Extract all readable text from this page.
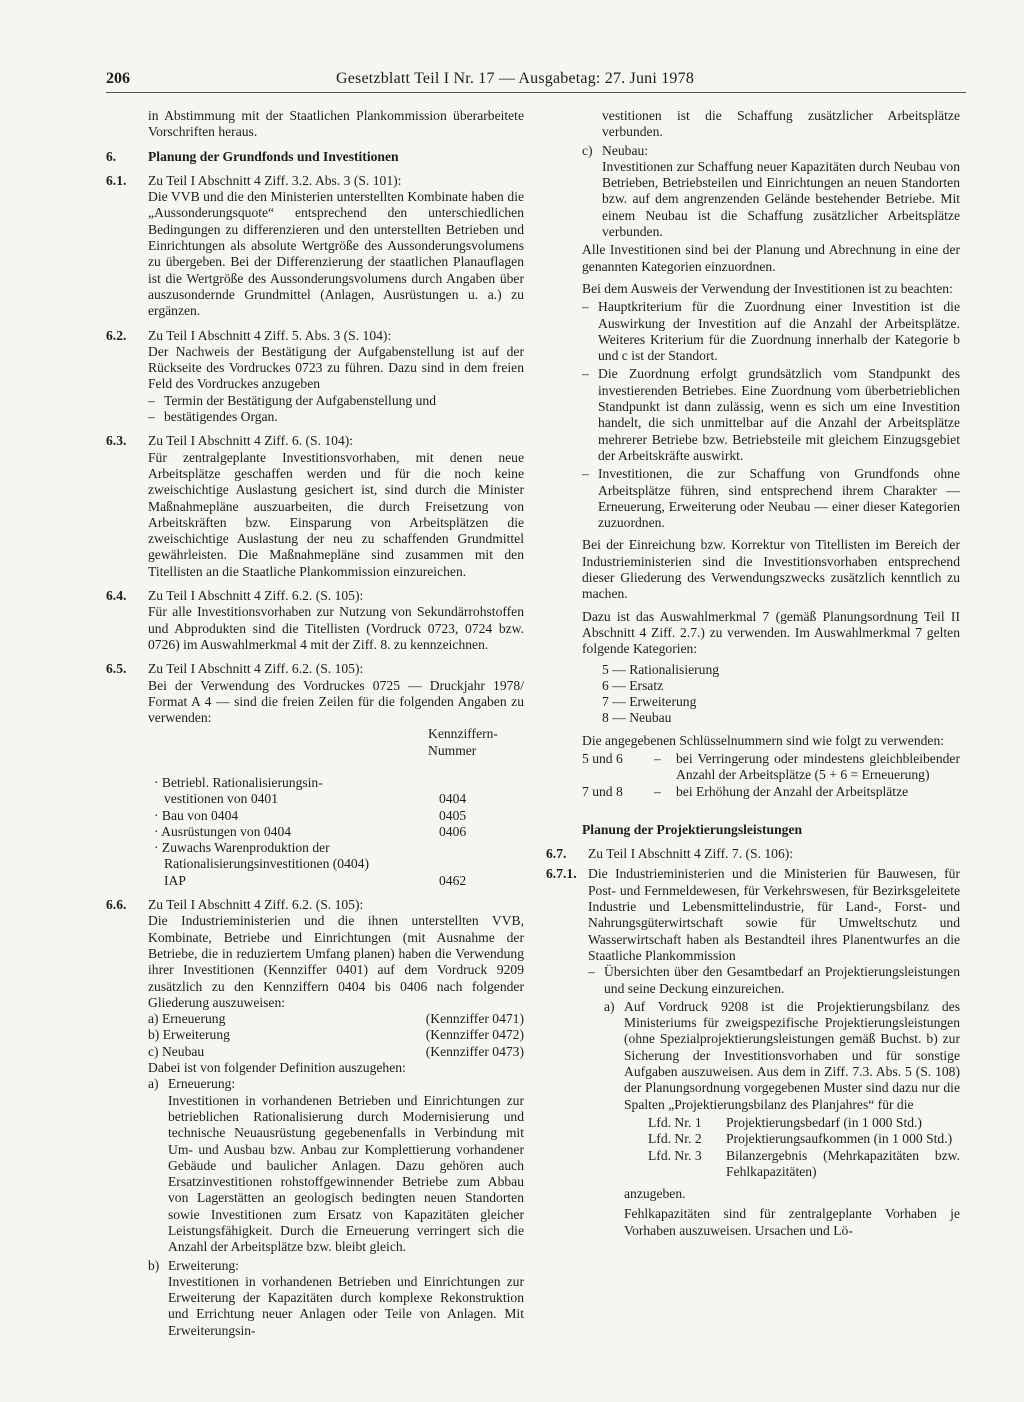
206	Gesetzblatt Teil I Nr. 17 — Ausgabetag: 27. Juni 1978

in Abstimmung mit der Staatlichen Plankommission überarbeitete Vorschriften heraus.

6. Planung der Grundfonds und Investitionen
6.1. Zu Teil I Abschnitt 4 Ziff. 3.2. Abs. 3 (S. 101):

Die VVB und die den Ministerien unterstellten Kombinate haben die „Aussonderungsquote“ entsprechend den unterschiedlichen Bedingungen zu differenzieren und den unterstellten Betrieben und Einrichtungen als absolute Wertgröße des Aussonderungsvolumens zu übergeben. Bei der Differenzierung der staatlichen Planauflagen ist die Wertgröße des Aussonderungsvolumens durch Angaben über auszusondernde Grundmittel (Anlagen, Ausrüstungen u. a.) zu ergänzen.

6.2. Zu Teil I Abschnitt 4 Ziff. 5. Abs. 3 (S. 104):

Der Nachweis der Bestätigung der Aufgabenstellung ist auf der Rückseite des Vordruckes 0723 zu führen. Dazu sind in dem freien Feld des Vordruckes anzugeben

– Termin der Bestätigung der Aufgabenstellung und

– bestätigendes Organ.

6.3. Zu Teil I Abschnitt 4 Ziff. 6. (S. 104):

Für zentralgeplante Investitionsvorhaben, mit denen neue Arbeitsplätze geschaffen werden und für die noch keine zweischichtige Auslastung gesichert ist, sind durch die Minister Maßnahmepläne auszuarbeiten, die durch Freisetzung von Arbeitskräften bzw. Einsparung von Arbeitsplätzen die zweischichtige Auslastung der neu zu schaffenden Grundmittel gewährleisten. Die Maßnahmepläne sind zusammen mit den Titellisten an die Staatliche Plankommission einzureichen.

6.4. Zu Teil I Abschnitt 4 Ziff. 6.2. (S. 105):

Für alle Investitionsvorhaben zur Nutzung von Sekundärrohstoffen und Abprodukten sind die Titellisten (Vordruck 0723, 0724 bzw. 0726) im Auswahlmerkmal 4 mit der Ziff. 8. zu kennzeichnen.

6.5. Zu Teil I Abschnitt 4 Ziff. 6.2. (S. 105):

Bei der Verwendung des Vordruckes 0725 — Druckjahr 1978/ Format A 4 — sind die freien Zeilen für die folgenden Angaben zu verwenden:

Kennziffern-
Nummer
· Betriebl. Rationalisierungsin-
vestitionen von 0401	0404
· Bau von 0404	0405
· Ausrüstungen von 0404	0406
· Zuwachs Warenproduktion der
Rationalisierungsinvestitionen (0404)
IAP	0462
6.6. Zu Teil I Abschnitt 4 Ziff. 6.2. (S. 105):

Die Industrieministerien und die ihnen unterstellten VVB, Kombinate, Betriebe und Einrichtungen (mit Ausnahme der Betriebe, die in reduziertem Umfang planen) haben die Verwendung ihrer Investitionen (Kennziffer 0401) auf dem Vordruck 9209 zusätzlich zu den Kennziffern 0404 bis 0406 nach folgender Gliederung auszuweisen:

a) Erneuerung	(Kennziffer 0471)
b) Erweiterung	(Kennziffer 0472)
c) Neubau	(Kennziffer 0473)

Dabei ist von folgender Definition auszugehen:

a) Erneuerung:

Investitionen in vorhandenen Betrieben und Einrichtungen zur betrieblichen Rationalisierung durch Modernisierung und technische Neuausrüstung gegebenenfalls in Verbindung mit Um- und Ausbau bzw. Anbau zur Komplettierung vorhandener Gebäude und baulicher Anlagen. Dazu gehören auch Ersatzinvestitionen rohstoffgewinnender Betriebe zum Abbau von Lagerstätten an geologisch bedingten neuen Standorten sowie Investitionen zum Ersatz von Kapazitäten gleicher Leistungsfähigkeit. Durch die Erneuerung verringert sich die Anzahl der Arbeitsplätze bzw. bleibt gleich.

b) Erweiterung:

Investitionen in vorhandenen Betrieben und Einrichtungen zur Erweiterung der Kapazitäten durch komplexe Rekonstruktion und Errichtung neuer Anlagen oder Teile von Anlagen. Mit Erweiterungsin-

vestitionen ist die Schaffung zusätzlicher Arbeitsplätze verbunden.

c) Neubau:

Investitionen zur Schaffung neuer Kapazitäten durch Neubau von Betrieben, Betriebsteilen und Einrichtungen an neuen Standorten bzw. auf dem angrenzenden Gelände bestehender Betriebe. Mit einem Neubau ist die Schaffung zusätzlicher Arbeitsplätze verbunden.

Alle Investitionen sind bei der Planung und Abrechnung in eine der genannten Kategorien einzuordnen.

Bei dem Ausweis der Verwendung der Investitionen ist zu beachten:

– Hauptkriterium für die Zuordnung einer Investition ist die Auswirkung der Investition auf die Anzahl der Arbeitsplätze. Weiteres Kriterium für die Zuordnung innerhalb der Kategorie b und c ist der Standort.

– Die Zuordnung erfolgt grundsätzlich vom Standpunkt des investierenden Betriebes. Eine Zuordnung vom überbetrieblichen Standpunkt ist dann zulässig, wenn es sich um eine Investition handelt, die sich unmittelbar auf die Anzahl der Arbeitsplätze mehrerer Betriebe bzw. Betriebsteile mit gleichem Einzugsgebiet der Arbeitskräfte auswirkt.

– Investitionen, die zur Schaffung von Grundfonds ohne Arbeitsplätze führen, sind entsprechend ihrem Charakter — Erneuerung, Erweiterung oder Neubau — einer dieser Kategorien zuzuordnen.

Bei der Einreichung bzw. Korrektur von Titellisten im Bereich der Industrieministerien sind die Investitionsvorhaben entsprechend dieser Gliederung des Verwendungszwecks zusätzlich kenntlich zu machen.

Dazu ist das Auswahlmerkmal 7 (gemäß Planungsordnung Teil II Abschnitt 4 Ziff. 2.7.) zu verwenden. Im Auswahlmerkmal 7 gelten folgende Kategorien:

5 — Rationalisierung
6 — Ersatz
7 — Erweiterung
8 — Neubau

Die angegebenen Schlüsselnummern sind wie folgt zu verwenden:

5 und 6	– bei Verringerung oder mindestens gleichbleibender Anzahl der Arbeitsplätze (5 + 6 = Erneuerung)
7 und 8	– bei Erhöhung der Anzahl der Arbeitsplätze
Planung der Projektierungsleistungen
6.7. Zu Teil I Abschnitt 4 Ziff. 7. (S. 106):

6.7.1. Die Industrieministerien und die Ministerien für Bauwesen, für Post- und Fernmeldewesen, für Verkehrswesen, für Bezirksgeleitete Industrie und Lebensmittelindustrie, für Land-, Forst- und Nahrungsgüterwirtschaft sowie für Umweltschutz und Wasserwirtschaft haben als Bestandteil ihres Planentwurfes an die Staatliche Plankommission

– Übersichten über den Gesamtbedarf an Projektierungsleistungen und seine Deckung einzureichen.

a) Auf Vordruck 9208 ist die Projektierungsbilanz des Ministeriums für zweigspezifische Projektierungsleistungen (ohne Spezialprojektierungsleistungen gemäß Buchst. b) zur Sicherung der Investitionsvorhaben und für sonstige Aufgaben auszuweisen. Aus dem in Ziff. 7.3. Abs. 5 (S. 108) der Planungsordnung vorgegebenen Muster sind dazu nur die Spalten „Projektierungsbilanz des Planjahres“ für die

Lfd. Nr. 1	Projektierungsbedarf (in 1 000 Std.)
Lfd. Nr. 2	Projektierungsaufkommen (in 1 000 Std.)
Lfd. Nr. 3	Bilanzergebnis (Mehrkapazitäten bzw. Fehlkapazitäten)

anzugeben.

Fehlkapazitäten sind für zentralgeplante Vorhaben je Vorhaben auszuweisen. Ursachen und Lö-
